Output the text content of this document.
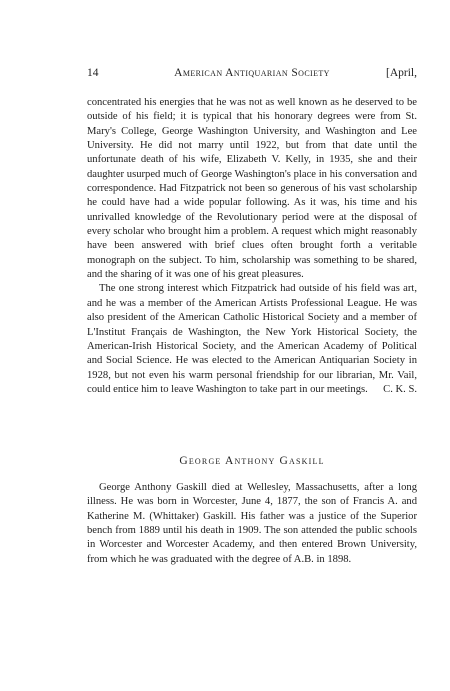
14	American Antiquarian Society	[April,

concentrated his energies that he was not as well known as he deserved to be outside of his field; it is typical that his honorary degrees were from St. Mary's College, George Washington University, and Washington and Lee University. He did not marry until 1922, but from that date until the unfortunate death of his wife, Elizabeth V. Kelly, in 1935, she and their daughter usurped much of George Washington's place in his conversation and correspondence. Had Fitzpatrick not been so generous of his vast scholarship he could have had a wide popular following. As it was, his time and his unrivalled knowledge of the Revolutionary period were at the disposal of every scholar who brought him a problem. A request which might reasonably have been answered with brief clues often brought forth a veritable monograph on the subject. To him, scholarship was something to be shared, and the sharing of it was one of his great pleasures.

The one strong interest which Fitzpatrick had outside of his field was art, and he was a member of the American Artists Professional League. He was also president of the American Catholic Historical Society and a member of L'Institut Français de Washington, the New York Historical Society, the American-Irish Historical Society, and the American Academy of Political and Social Science. He was elected to the American Antiquarian Society in 1928, but not even his warm personal friendship for our librarian, Mr. Vail, could entice him to leave Washington to take part in our meetings.	C. K. S.

George Anthony Gaskill

George Anthony Gaskill died at Wellesley, Massachusetts, after a long illness. He was born in Worcester, June 4, 1877, the son of Francis A. and Katherine M. (Whittaker) Gaskill. His father was a justice of the Superior bench from 1889 until his death in 1909. The son attended the public schools in Worcester and Worcester Academy, and then entered Brown University, from which he was graduated with the degree of A.B. in 1898.
